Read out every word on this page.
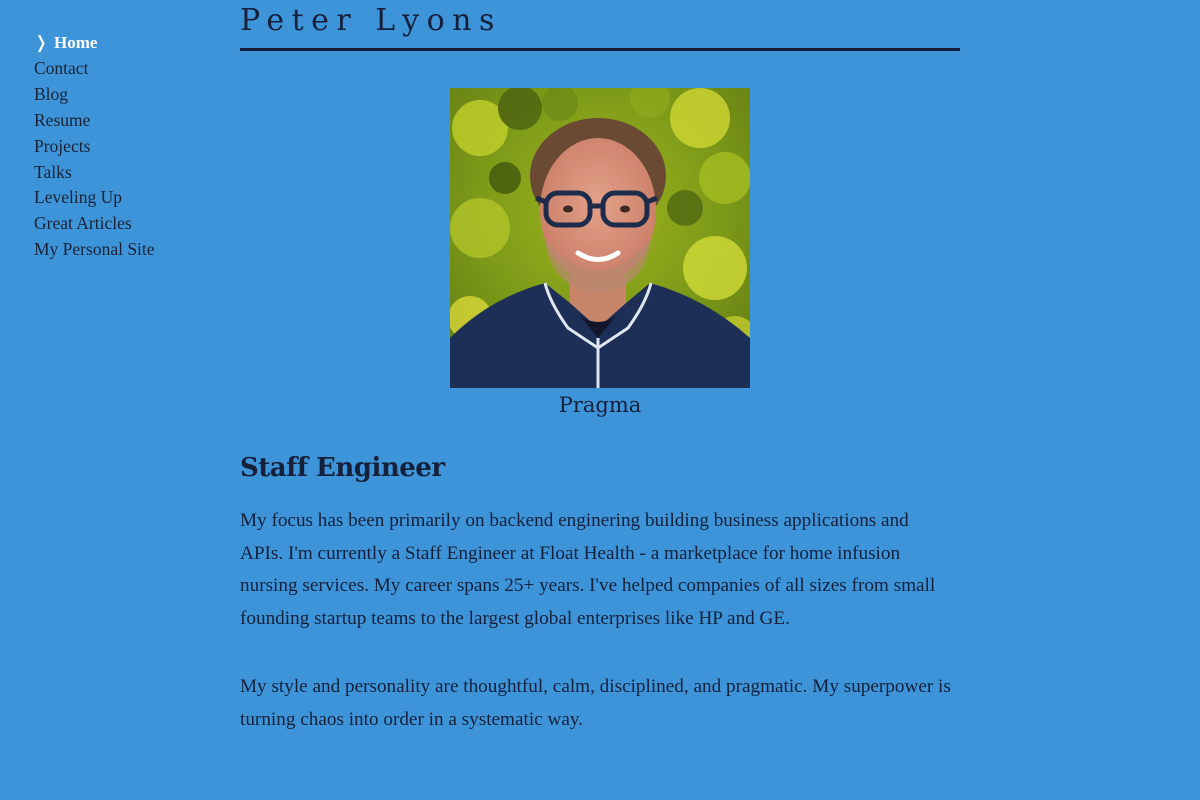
❭ Home
Contact
Blog
Resume
Projects
Talks
Leveling Up
Great Articles
My Personal Site
Peter Lyons
Pragma
Staff Engineer

My focus has been primarily on backend enginering building business applications and APIs. I'm currently a Staff Engineer at Float Health - a marketplace for home infusion nursing services. My career spans 25+ years. I've helped companies of all sizes from small founding startup teams to the largest global enterprises like HP and GE.

My style and personality are thoughtful, calm, disciplined, and pragmatic. My superpower is turning chaos into order in a systematic way.
